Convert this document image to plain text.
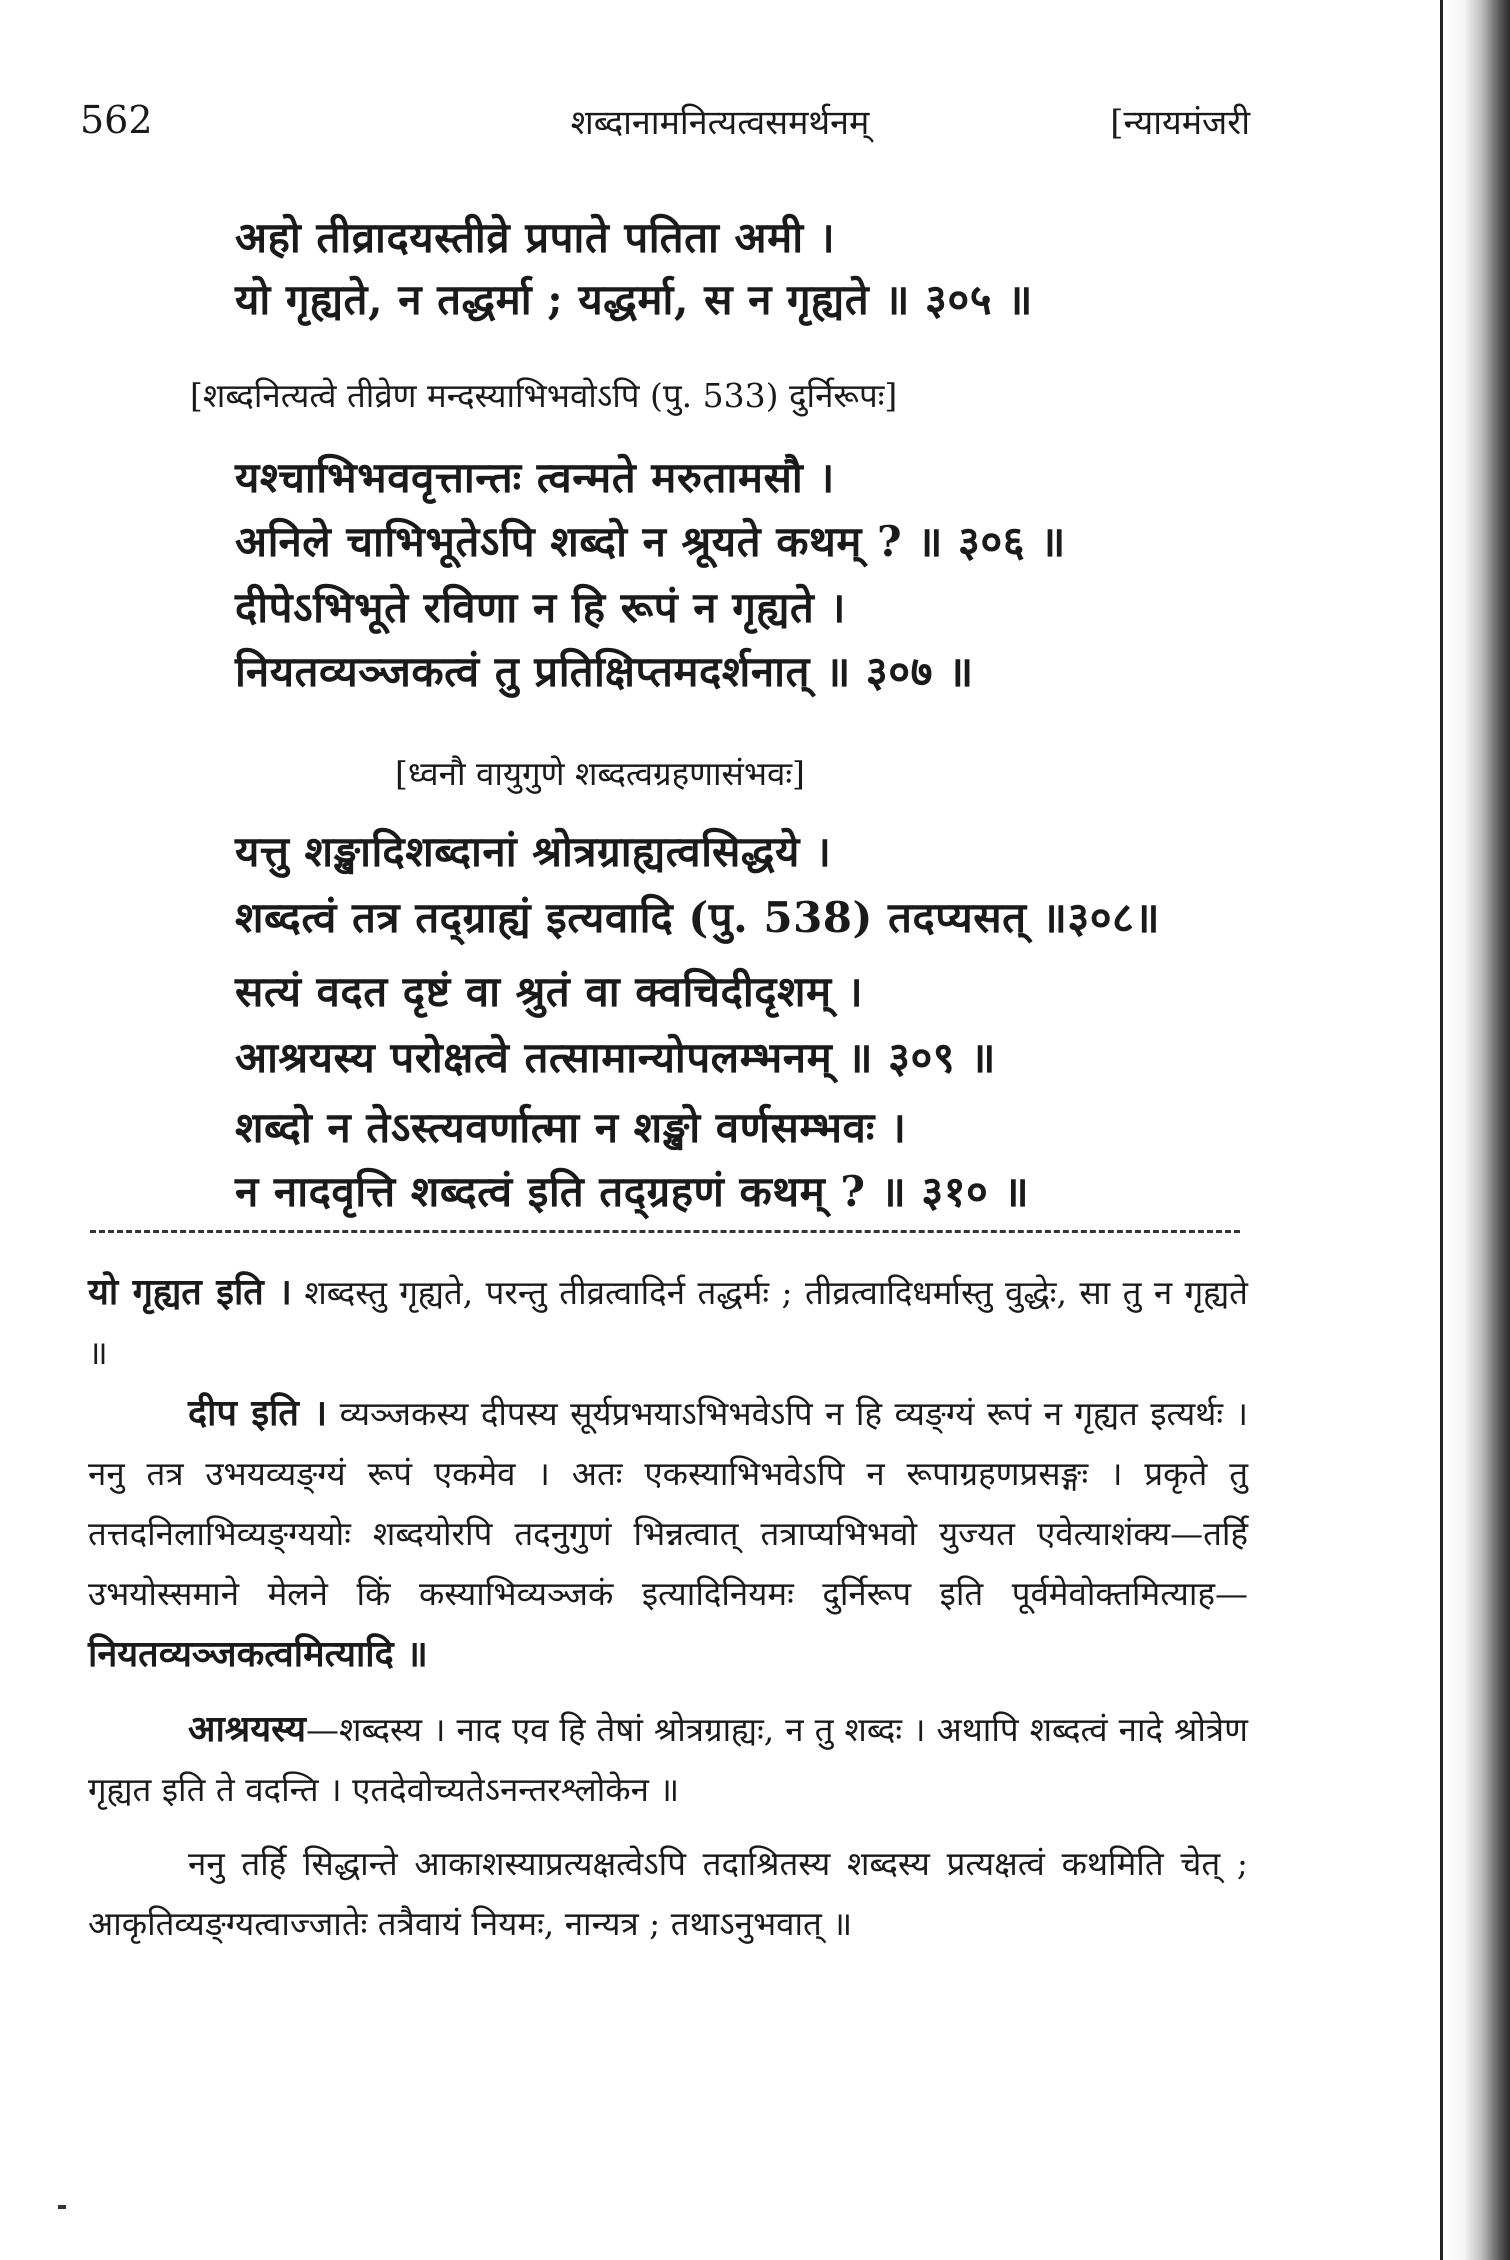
562	शब्दानामनित्यत्वसमर्थनम्	[न्यायमंजरी
अहो तीव्रादयस्तीव्रे प्रपाते पतिता अमी ।
यो गृह्यते, न तद्धर्मा ; यद्धर्मा, स न गृह्यते ॥ ३०५ ॥
[शब्दनित्यत्वे तीव्रेण मन्दस्याभिभवोऽपि (पु. 533) दुर्निरूपः]
यश्चाभिभववृत्तान्तः त्वन्मते मरुतामसौ ।
अनिले चाभिभूतेऽपि शब्दो न श्रूयते कथम् ? ॥ ३०६ ॥
दीपेऽभिभूते रविणा न हि रूपं न गृह्यते ।
नियतव्यञ्जकत्वं तु प्रतिक्षिप्तमदर्शनात् ॥ ३०७ ॥
[ध्वनौ वायुगुणे शब्दत्वग्रहणासंभवः]
यत्तु शङ्खादिशब्दानां श्रोत्रग्राह्यत्वसिद्धये ।
शब्दत्वं तत्र तद्ग्राह्यं इत्यवादि (पु. 538) तदप्यसत् ॥३०८॥
सत्यं वदत दृष्टं वा श्रुतं वा क्वचिदीदृशम् ।
आश्रयस्य परोक्षत्वे तत्सामान्योपलम्भनम् ॥ ३०९ ॥
शब्दो न तेऽस्त्यवर्णात्मा न शङ्खो वर्णसम्भवः ।
न नादवृत्ति शब्दत्वं इति तद्ग्रहणं कथम् ? ॥ ३१० ॥

यो गृह्यत इति । शब्दस्तु गृह्यते, परन्तु तीव्रत्वादिर्न तद्धर्मः ; तीव्रत्वादिधर्मास्तु वुद्धेः, सा तु न गृह्यते ॥

दीप इति । व्यञ्जकस्य दीपस्य सूर्यप्रभयाऽभिभवेऽपि न हि व्यङ्ग्यं रूपं न गृह्यत इत्यर्थः । ननु तत्र उभयव्यङ्ग्यं रूपं एकमेव । अतः एकस्याभिभवेऽपि न रूपाग्रहणप्रसङ्गः । प्रकृते तु तत्तदनिलाभिव्यङ्ग्ययोः शब्दयोरपि तदनुगुणं भिन्नत्वात् तत्राप्यभिभवो युज्यत एवेत्याशंक्य—तर्हि उभयोस्समाने मेलने किं कस्याभिव्यञ्जकं इत्यादिनियमः दुर्निरूप इति पूर्वमेवोक्तमित्याह—नियतव्यञ्जकत्वमित्यादि ॥

आश्रयस्य—शब्दस्य । नाद एव हि तेषां श्रोत्रग्राह्यः, न तु शब्दः । अथापि शब्दत्वं नादे श्रोत्रेण गृह्यत इति ते वदन्ति । एतदेवोच्यतेऽनन्तरश्लोकेन ॥

ननु तर्हि सिद्धान्ते आकाशस्याप्रत्यक्षत्वेऽपि तदाश्रितस्य शब्दस्य प्रत्यक्षत्वं कथमिति चेत् ; आकृतिव्यङ्ग्यत्वाज्जातेः तत्रैवायं नियमः, नान्यत्र ; तथाऽनुभवात् ॥
